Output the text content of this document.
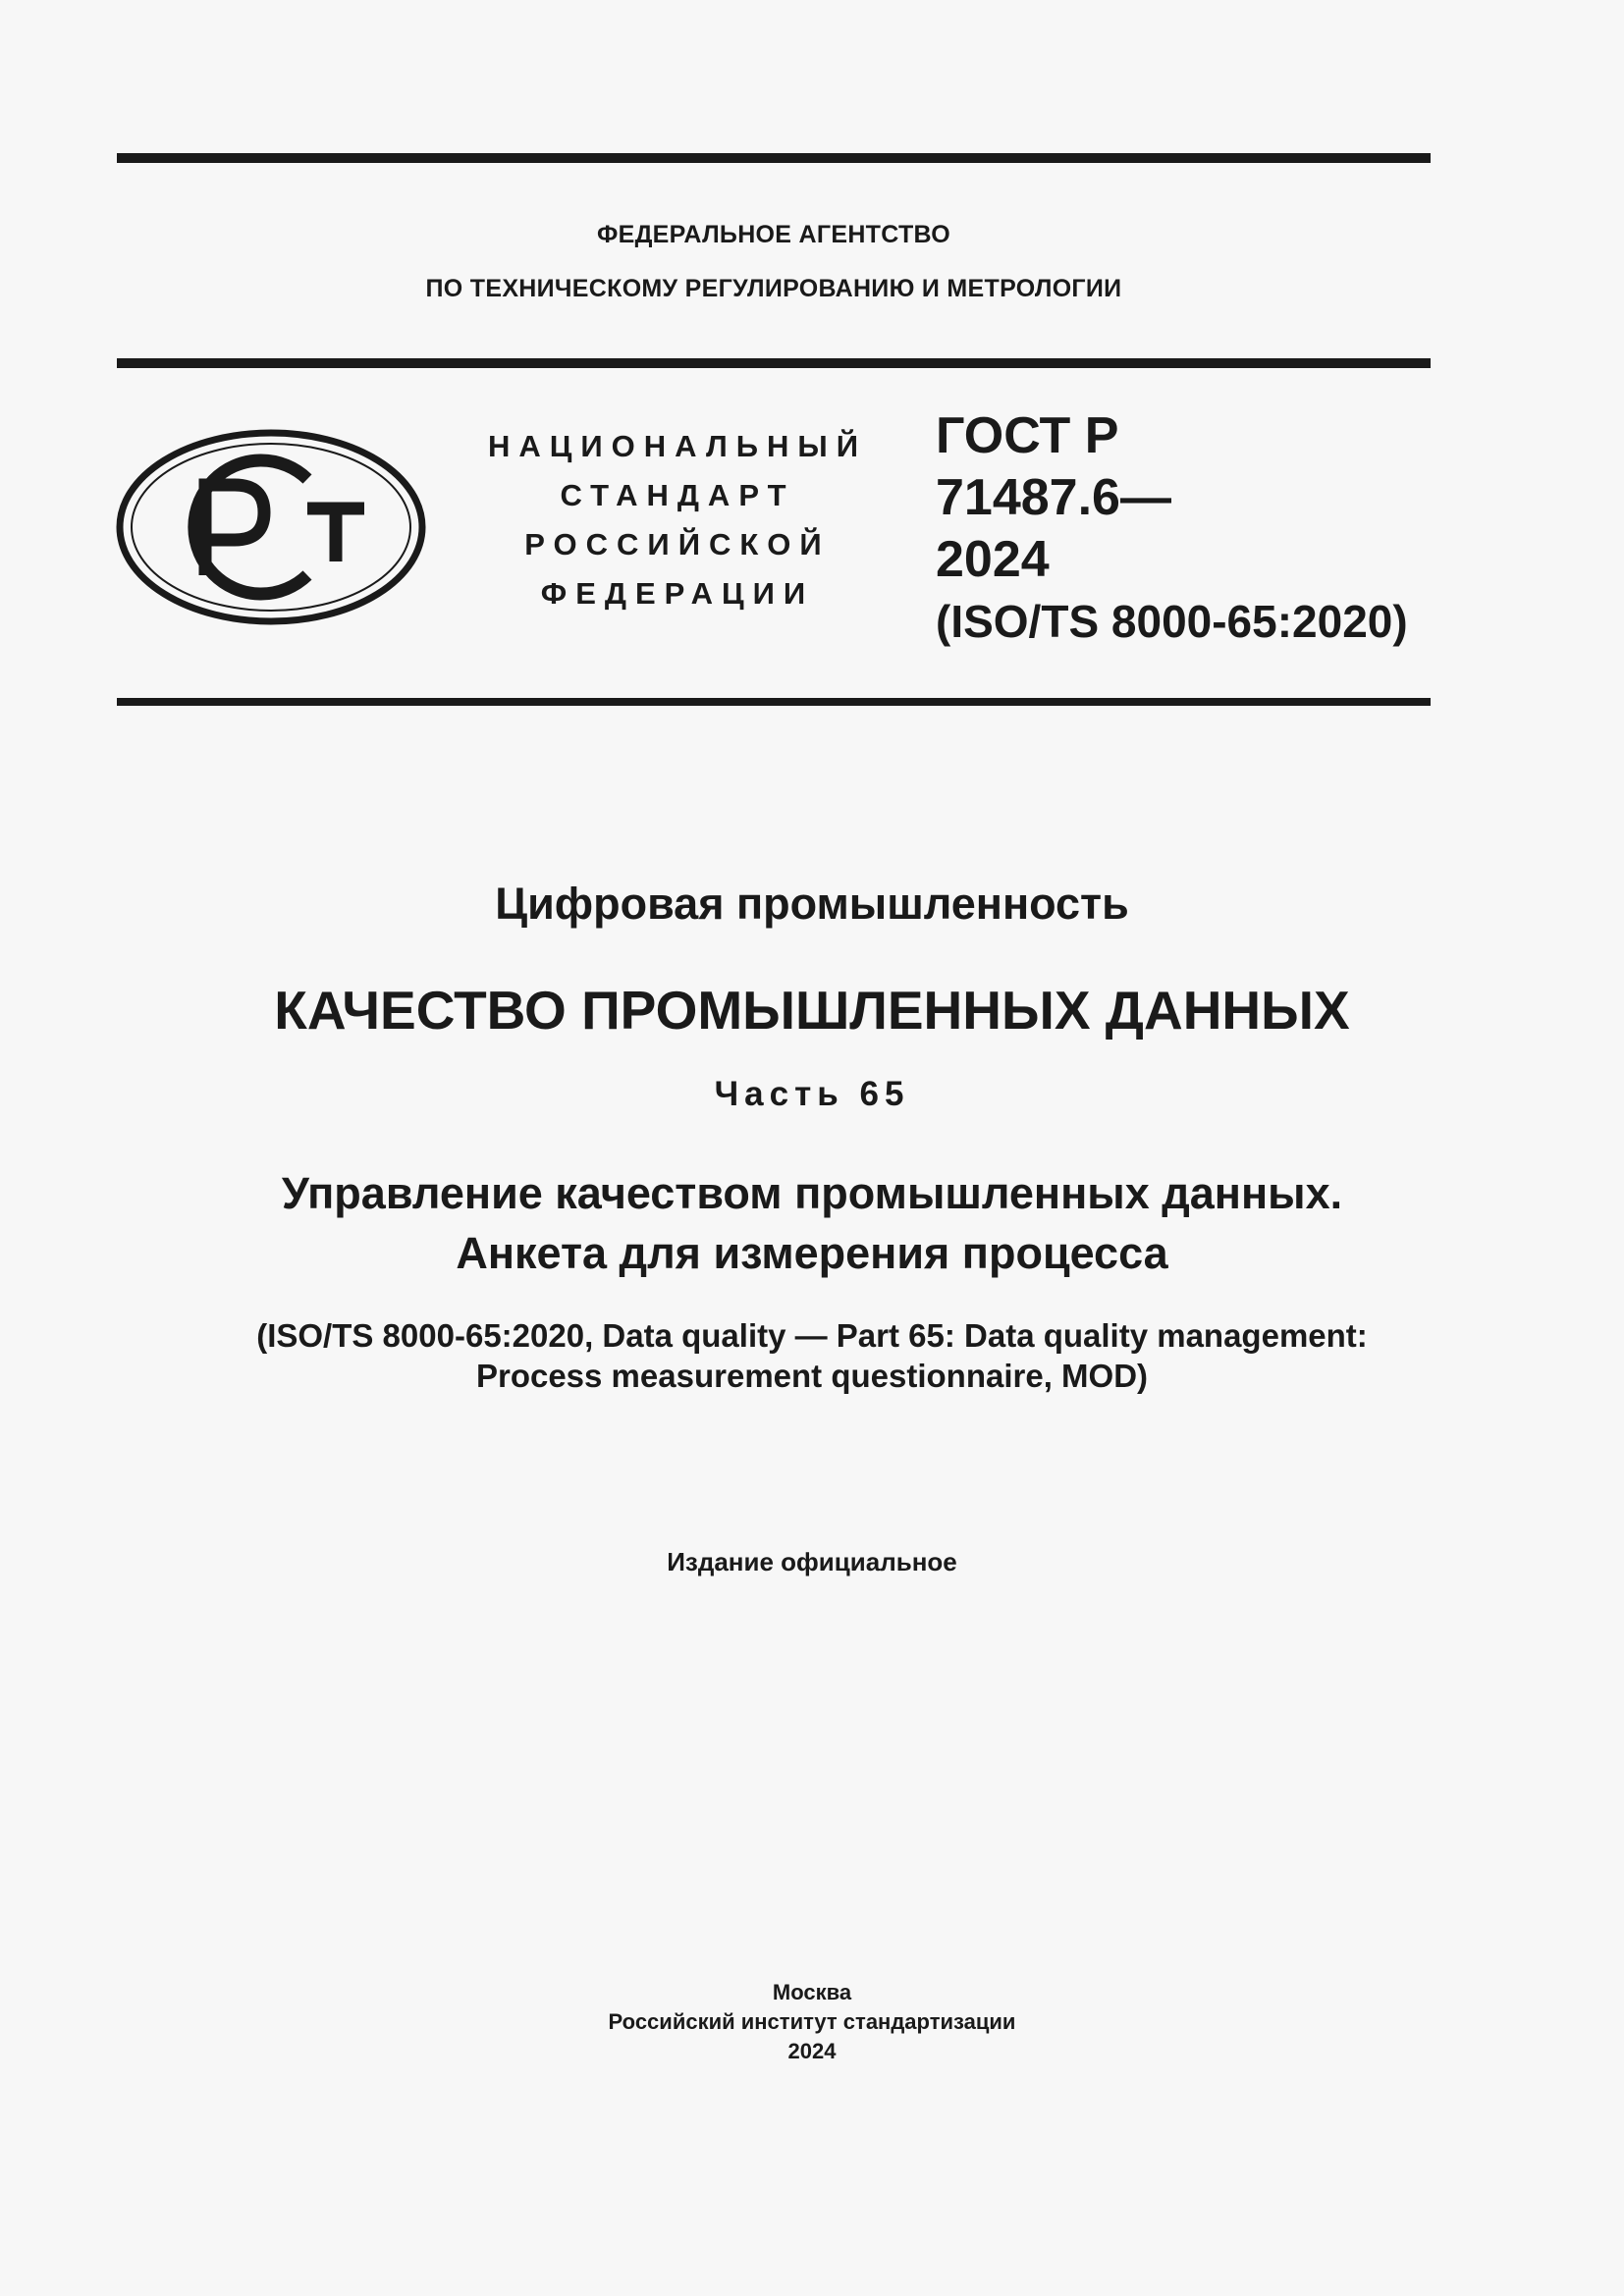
ФЕДЕРАЛЬНОЕ АГЕНТСТВО
ПО ТЕХНИЧЕСКОМУ РЕГУЛИРОВАНИЮ И МЕТРОЛОГИИ
НАЦИОНАЛЬНЫЙ
СТАНДАРТ
РОССИЙСКОЙ
ФЕДЕРАЦИИ
ГОСТ Р
71487.6—
2024
(ISO/TS 8000-65:2020)
Цифровая промышленность
КАЧЕСТВО ПРОМЫШЛЕННЫХ ДАННЫХ
Часть 65
Управление качеством промышленных данных.
Анкета для измерения процесса
(ISO/TS 8000-65:2020, Data quality — Part 65: Data quality management:
Process measurement questionnaire, MOD)
Издание официальное
Москва
Российский институт стандартизации
2024
